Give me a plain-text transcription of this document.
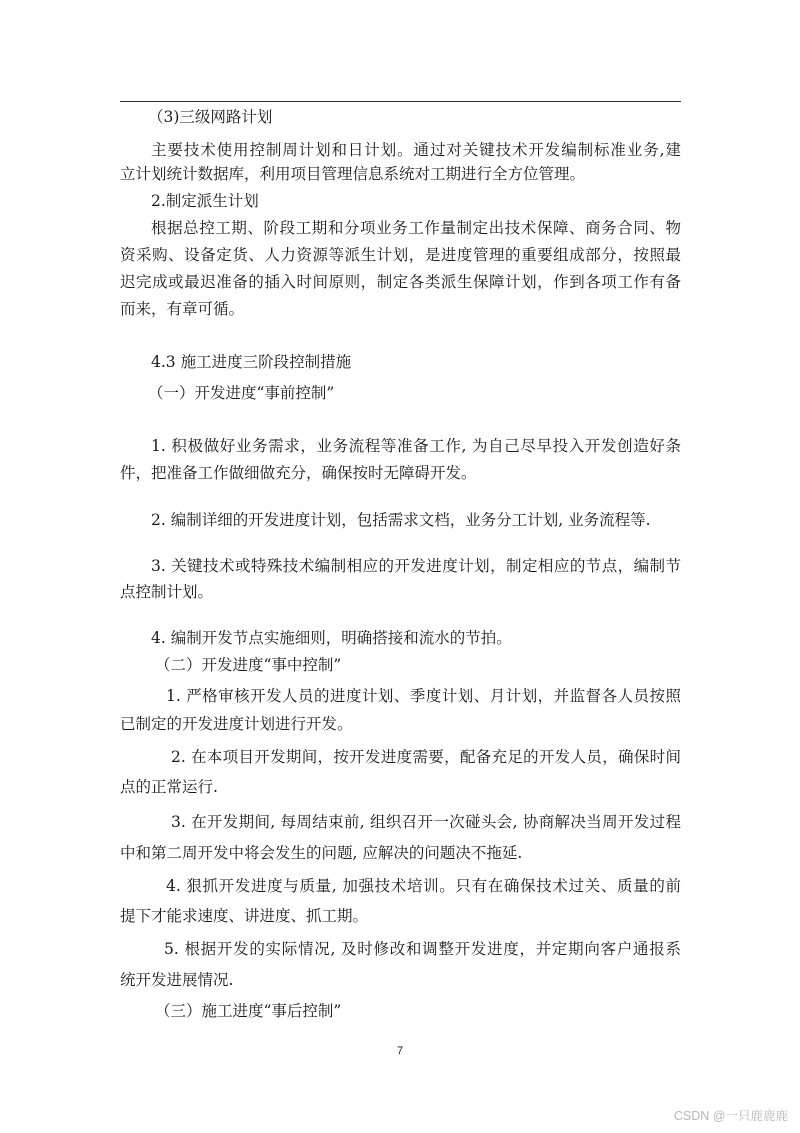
（3)三级网路计划
主要技术使用控制周计划和日计划。通过对关键技术开发编制标准业务,建
立计划统计数据库，利用项目管理信息系统对工期进行全方位管理。
2.制定派生计划
根据总控工期、阶段工期和分项业务工作量制定出技术保障、商务合同、物
资采购、设备定货、人力资源等派生计划，是进度管理的重要组成部分，按照最
迟完成或最迟准备的插入时间原则，制定各类派生保障计划，作到各项工作有备
而来，有章可循。
4.3 施工进度三阶段控制措施
（一）开发进度“事前控制”
1. 积极做好业务需求，业务流程等准备工作, 为自己尽早投入开发创造好条
件，把准备工作做细做充分，确保按时无障碍开发。
2. 编制详细的开发进度计划，包括需求文档，业务分工计划, 业务流程等.
3. 关键技术或特殊技术编制相应的开发进度计划，制定相应的节点，编制节
点控制计划。
4. 编制开发节点实施细则，明确搭接和流水的节拍。
（二）开发进度“事中控制”
1. 严格审核开发人员的进度计划、季度计划、月计划，并监督各人员按照
已制定的开发进度计划进行开发。
2. 在本项目开发期间，按开发进度需要，配备充足的开发人员，确保时间
点的正常运行.
3. 在开发期间, 每周结束前, 组织召开一次碰头会, 协商解决当周开发过程
中和第二周开发中将会发生的问题, 应解决的问题决不拖延.
4. 狠抓开发进度与质量, 加强技术培训。只有在确保技术过关、质量的前
提下才能求速度、讲进度、抓工期。
5. 根据开发的实际情况, 及时修改和调整开发进度，并定期向客户通报系
统开发进展情况.
（三）施工进度“事后控制”
7
CSDN @一只鹿鹿鹿
